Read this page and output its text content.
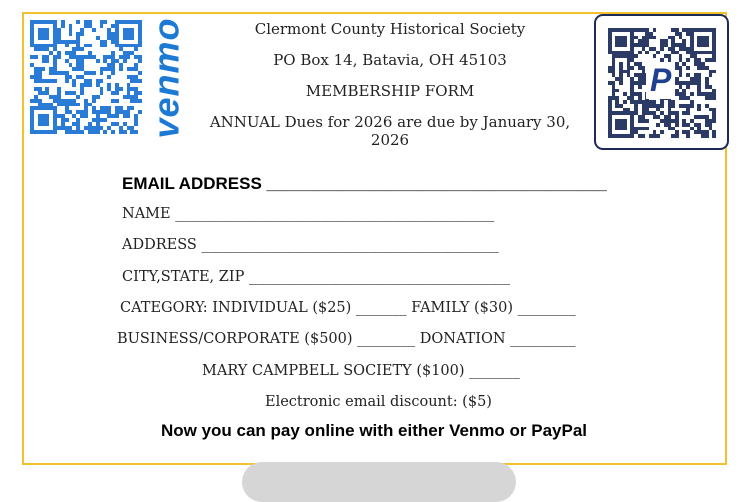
venmo	P
Clermont County Historical Society
PO Box 14, Batavia, OH 45103
MEMBERSHIP FORM
ANNUAL Dues for 2026 are due by January 30, 2026
EMAIL ADDRESS ____________________________________
NAME ____________________________________________
ADDRESS _________________________________________
CITY,STATE, ZIP ____________________________________
CATEGORY: INDIVIDUAL ($25) _______ FAMILY ($30) ________
BUSINESS/CORPORATE ($500) ________ DONATION _________
MARY CAMPBELL SOCIETY ($100) _______
Electronic email discount: ($5)
Now you can pay online with either Venmo or PayPal
